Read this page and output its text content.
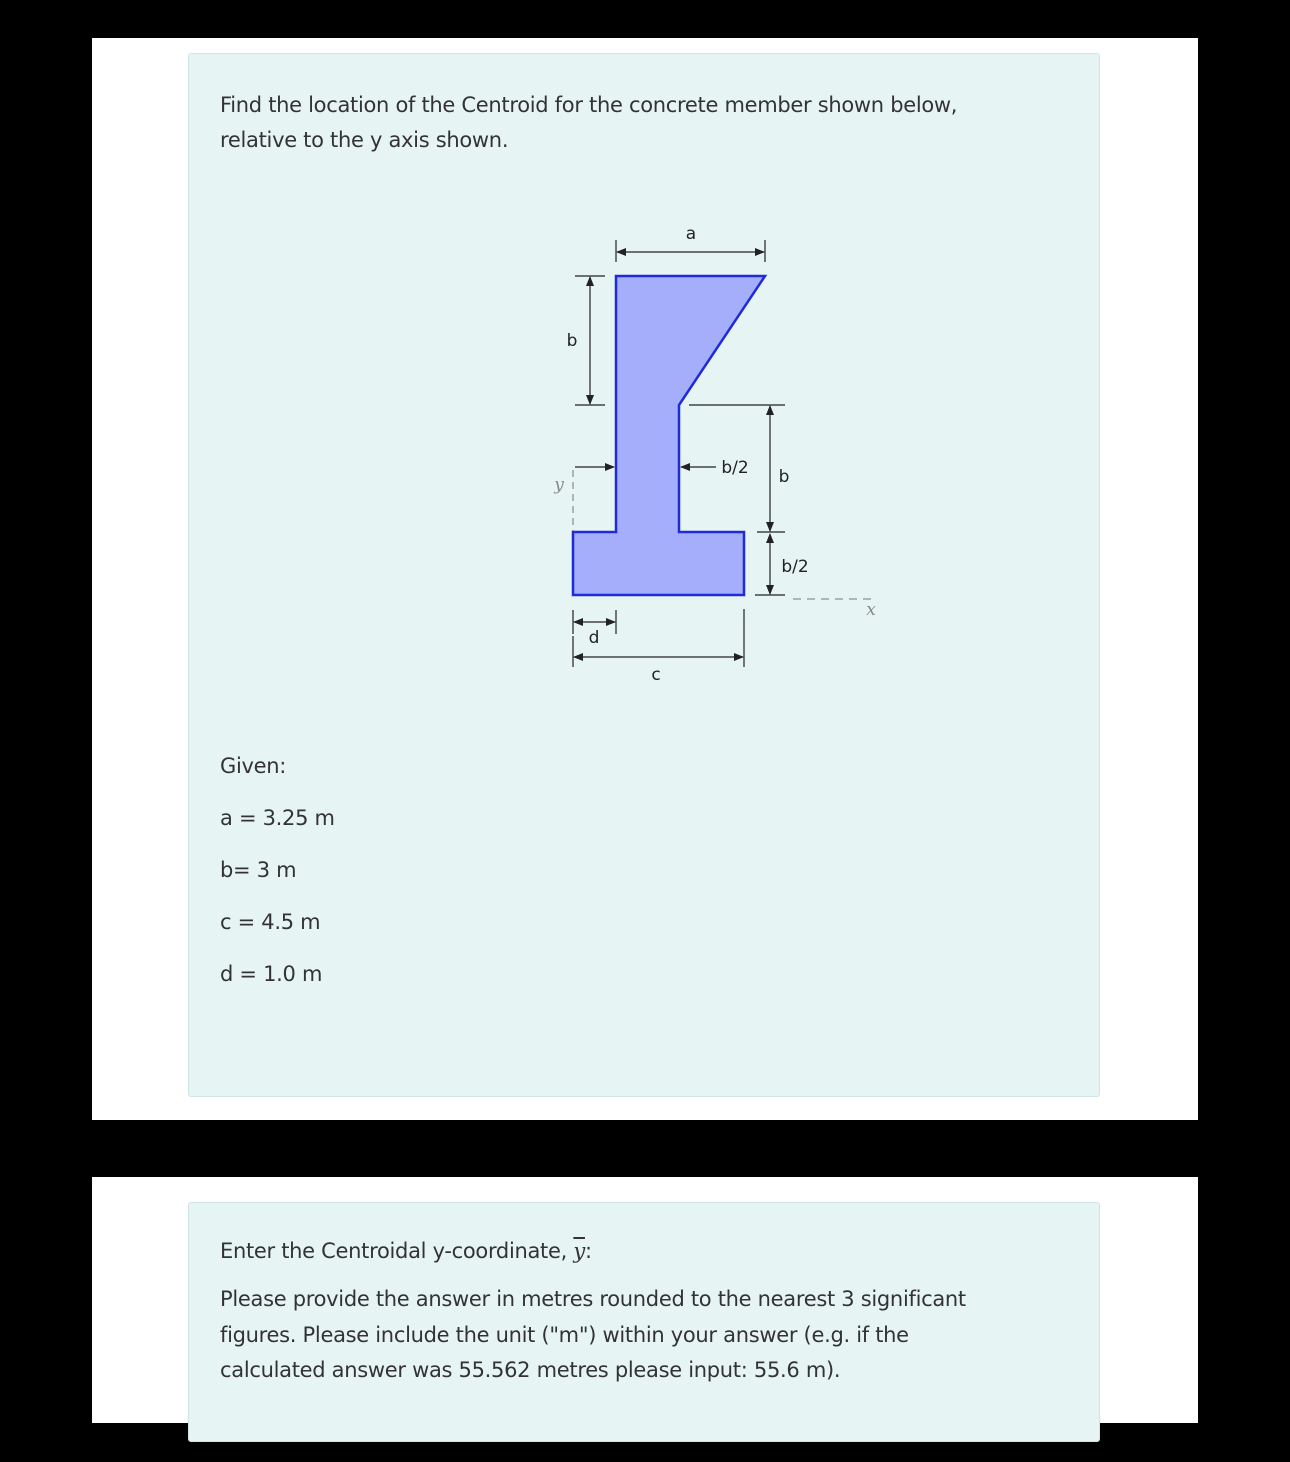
Find the location of the Centroid for the concrete member shown below,

relative to the y axis shown.

a
b
b/2
y	b
b/2
x
d
c

Given:

a = 3.25 m

b= 3 m

c = 4.5 m

d = 1.0 m

Enter the Centroidal y-coordinate, $\overline{y}$:

Please provide the answer in metres rounded to the nearest 3 significant

figures. Please include the unit ("m") within your answer (e.g. if the

calculated answer was 55.562 metres please input: 55.6 m).
